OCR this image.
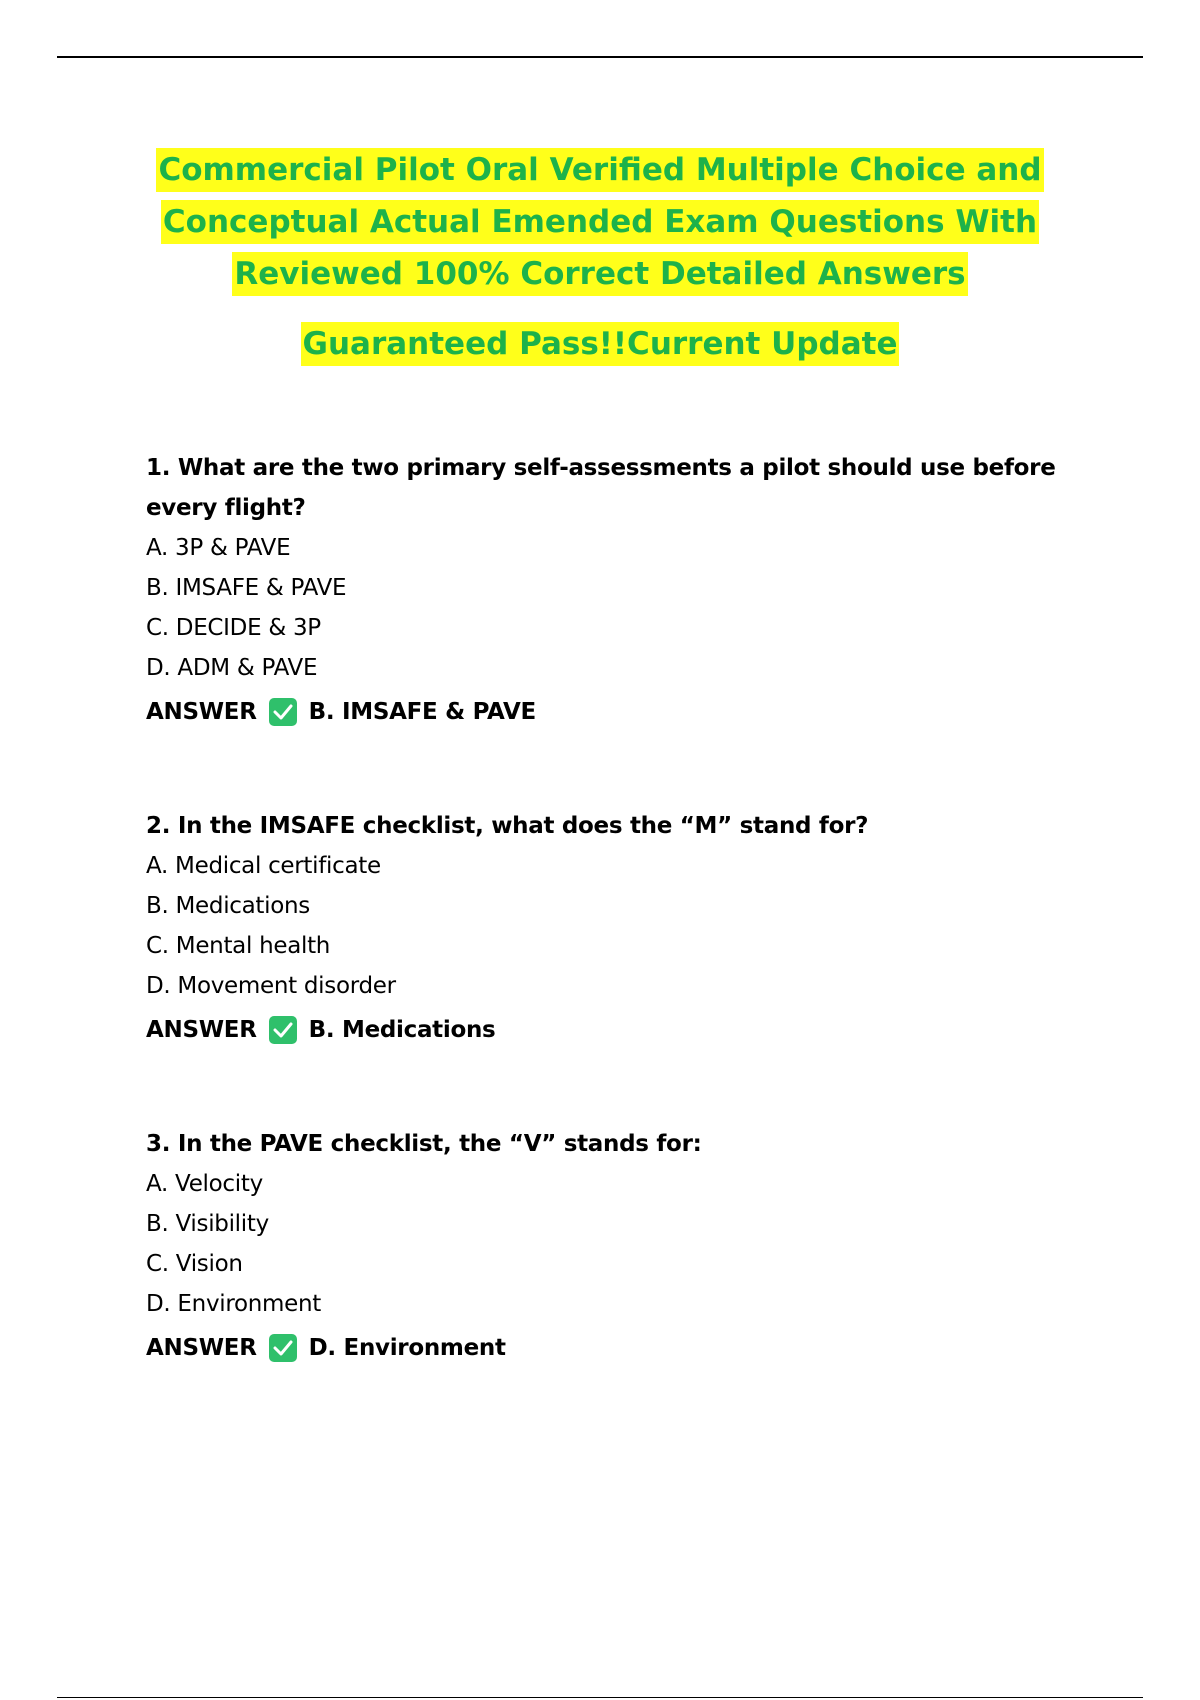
Commercial Pilot Oral Verified Multiple Choice and
Conceptual Actual Emended Exam Questions With
Reviewed 100% Correct Detailed Answers
Guaranteed Pass!!Current Update

1. What are the two primary self-assessments a pilot should use before every flight?

A. 3P & PAVE

B. IMSAFE & PAVE

C. DECIDE & 3P

D. ADM & PAVE

ANSWER B. IMSAFE & PAVE

2. In the IMSAFE checklist, what does the “M” stand for?

A. Medical certificate

B. Medications

C. Mental health

D. Movement disorder

ANSWER B. Medications

3. In the PAVE checklist, the “V” stands for:

A. Velocity

B. Visibility

C. Vision

D. Environment

ANSWER D. Environment
